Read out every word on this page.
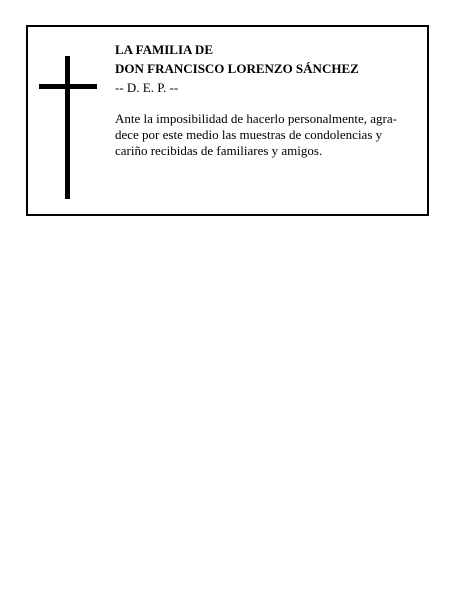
LA FAMILIA DE

DON FRANCISCO LORENZO SÁNCHEZ

-- D. E. P. --

Ante la imposibilidad de hacerlo personalmente, agra-

dece por este medio las muestras de condolencias y

cariño recibidas de familiares y amigos.
